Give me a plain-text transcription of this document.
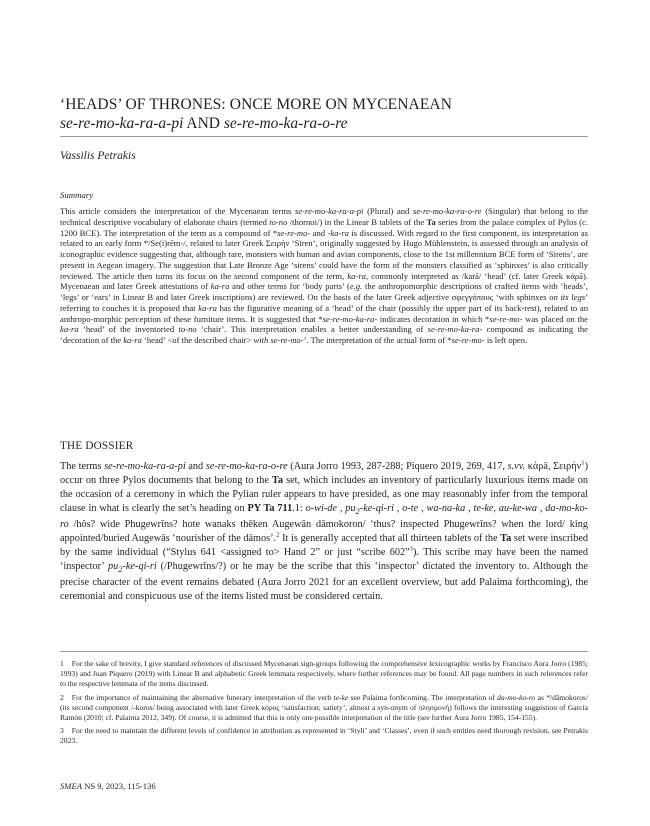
‘HEADS’ OF THRONES: ONCE MORE ON MYCENAEAN
se-re-mo-ka-ra-a-pi AND se-re-mo-ka-ra-o-re
Vassilis Petrakis
Summary

This article considers the interpretation of the Mycenaean terms se-re-mo-ka-ra-a-pi (Plural) and se-re-mo-ka-ra-o-re (Singular) that belong to the technical descriptive vocabulary of elaborate chairs (termed to-no /thornoi/) in the Linear B tablets of the Ta series from the palace complex of Pylos (c. 1200 BCE). The interpretation of the term as a compound of *se-re-mo- and -ka-ra is discussed. With regard to the first component, its interpretation as related to an early form */Se(i)rēm-/, related to later Greek Σειρήν ‘Siren’, originally suggested by Hugo Mühlenstein, is assessed through an analysis of iconographic evidence suggesting that, although rare, monsters with human and avian components, close to the 1st millennium BCE form of ‘Sirens’, are present in Aegean imagery. The suggestion that Late Bronze Age ‘sirens’ could have the form of the monsters classified as ‘sphinxes’ is also critically reviewed. The article then turns its focus on the second component of the term, ka-ra, commonly interpreted as /karā/ ‘head’ (cf. later Greek κάρā). Mycenaean and later Greek attestations of ka-ra and other terms for ‘body parts’ (e.g. the anthropomorphic descriptions of crafted items with ‘heads’, ‘legs’ or ‘ears’ in Linear B and later Greek inscriptions) are reviewed. On the basis of the later Greek adjective σφεγγόπους ‘with sphinxes on its legs’ referring to couches it is proposed that ka-ra has the figurative meaning of a ‘head’ of the chair (possibly the upper part of its back-rest), related to an anthropo-morphic perception of these furniture items. It is suggested that *se-re-mo-ka-ra- indicates decoration in which *se-re-mo- was placed on the ka-ra ‘head’ of the inventoried to-no ‘chair’. This interpretation enables a better understanding of se-re-mo-ka-ra- compound as indicating the ‘decoration of the ka-ra ‘head’ <of the described chair> with se-re-mo-’. The interpretation of the actual form of *se-re-mo- is left open.

THE DOSSIER

The terms se-re-mo-ka-ra-a-pi and se-re-mo-ka-ra-o-re (Aura Jorro 1993, 287-288; Piquero 2019, 269, 417, s.vv. κάρā, Σειρήν$^1$) occur on three Pylos documents that belong to the Ta set, which includes an inventory of particularly luxurious items made on the occasion of a ceremony in which the Pylian ruler appears to have presided, as one may reasonably infer from the temporal clause in what is clearly the set’s heading on PY Ta 711.1: o-wi-de , $pu_2-ke-qi-ri$ , o-te , wa-na-ka , te-ke, au-ke-wa , da-mo-ko-ro /hôs? wide Phugewrīns? hote wanaks thēken Augewān dāmokoron/ ‘thus? inspected Phugewrīns? when the lord/ king appointed/buried Augewās ‘nourisher of the dāmos’.$^2$ It is generally accepted that all thirteen tablets of the Ta set were inscribed by the same individual (“Stylus 641 <assigned to> Hand 2” or just “scribe 602”$^3$). This scribe may have been the named ‘inspector’ $pu_2-ke-qi-ri$ (/Phugewrīns/?) or he may be the scribe that this ‘inspector’ dictated the inventory to. Although the precise character of the event remains debated (Aura Jorro 2021 for an excellent overview, but add Palaima forthcoming), the ceremonial and conspicuous use of the items listed must be considered certain.

1 For the sake of brevity, I give standard references of discussed Mycenaean sign-groups following the comprehensive lexicographic works by Francisco Aura Jorro (1985; 1993) and Juan Piquero (2019) with Linear B and alphabetic Greek lemmata respectively, where further references may be found. All page numbers in such references refer to the respective lemmata of the items discussed.

2 For the importance of maintaining the alternative funerary interpretation of the verb te-ke see Palaima forthcoming. The interpretation of da-mo-ko-ro as */dāmokoros/ (its second component /-koros/ being associated with later Greek κόρος ‘satisfaction; satiety’, almost a syn-onym of πλησμονή) follows the interesting suggestion of García Ramón (2010; cf. Palaima 2012, 349). Of course, it is admitted that this is only one possible interpretation of the title (see further Aura Jorro 1985, 154-155).

3 For the need to maintain the different levels of confidence in attribution as represented in ‘Styli’ and ‘Classes’, even if such entities need thorough revision, see Petrakis 2023.

SMEA NS 9, 2023, 115-136
